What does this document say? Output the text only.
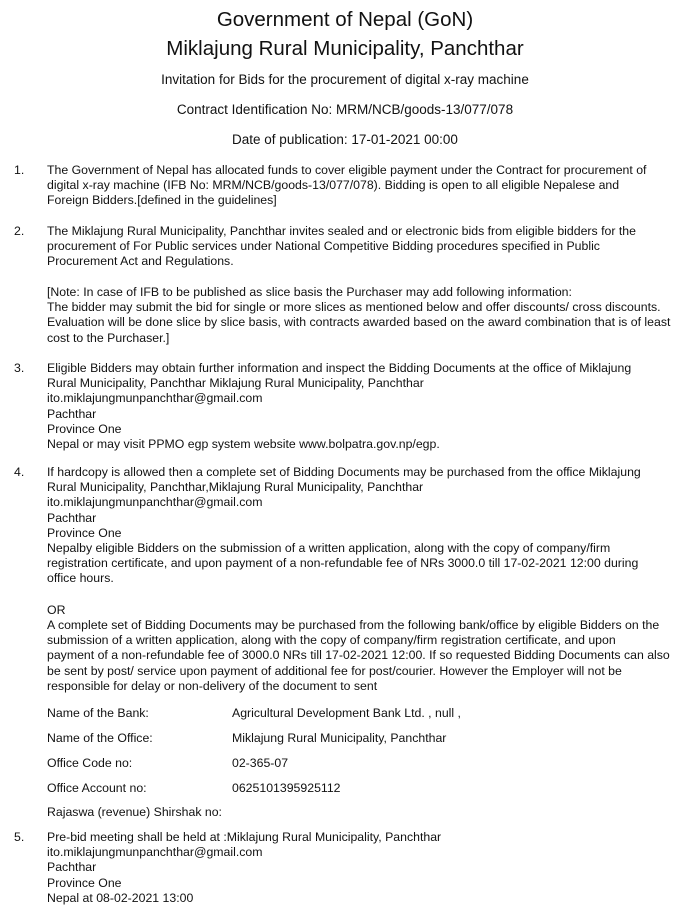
Government of Nepal (GoN)
Miklajung Rural Municipality, Panchthar
Invitation for Bids for the procurement of digital x-ray machine
Contract Identification No: MRM/NCB/goods-13/077/078
Date of publication: 17-01-2021 00:00
1. The Government of Nepal has allocated funds to cover eligible payment under the Contract for procurement of

digital x-ray machine (IFB No: MRM/NCB/goods-13/077/078). Bidding is open to all eligible Nepalese and

Foreign Bidders.[defined in the guidelines]

2. The Miklajung Rural Municipality, Panchthar invites sealed and or electronic bids from eligible bidders for the

procurement of For Public services under National Competitive Bidding procedures specified in Public

Procurement Act and Regulations.

[Note: In case of IFB to be published as slice basis the Purchaser may add following information:

The bidder may submit the bid for single or more slices as mentioned below and offer discounts/ cross discounts.

Evaluation will be done slice by slice basis, with contracts awarded based on the award combination that is of least

cost to the Purchaser.]

3. Eligible Bidders may obtain further information and inspect the Bidding Documents at the office of Miklajung

Rural Municipality, Panchthar Miklajung Rural Municipality, Panchthar

ito.miklajungmunpanchthar@gmail.com

Pachthar

Province One

Nepal or may visit PPMO egp system website www.bolpatra.gov.np/egp.

4. If hardcopy is allowed then a complete set of Bidding Documents may be purchased from the office Miklajung

Rural Municipality, Panchthar,Miklajung Rural Municipality, Panchthar

ito.miklajungmunpanchthar@gmail.com

Pachthar

Province One

Nepalby eligible Bidders on the submission of a written application, along with the copy of company/firm

registration certificate, and upon payment of a non-refundable fee of NRs 3000.0 till 17-02-2021 12:00 during

office hours.

OR

A complete set of Bidding Documents may be purchased from the following bank/office by eligible Bidders on the

submission of a written application, along with the copy of company/firm registration certificate, and upon

payment of a non-refundable fee of 3000.0 NRs till 17-02-2021 12:00. If so requested Bidding Documents can also

be sent by post/ service upon payment of additional fee for post/courier. However the Employer will not be

responsible for delay or non-delivery of the document to sent

Name of the Bank:	Agricultural Development Bank Ltd. , null ,
Name of the Office:	Miklajung Rural Municipality, Panchthar
Office Code no:	02-365-07
Office Account no:	0625101395925112
Rajaswa (revenue) Shirshak no:
5. Pre-bid meeting shall be held at :Miklajung Rural Municipality, Panchthar

ito.miklajungmunpanchthar@gmail.com

Pachthar

Province One

Nepal at 08-02-2021 13:00
